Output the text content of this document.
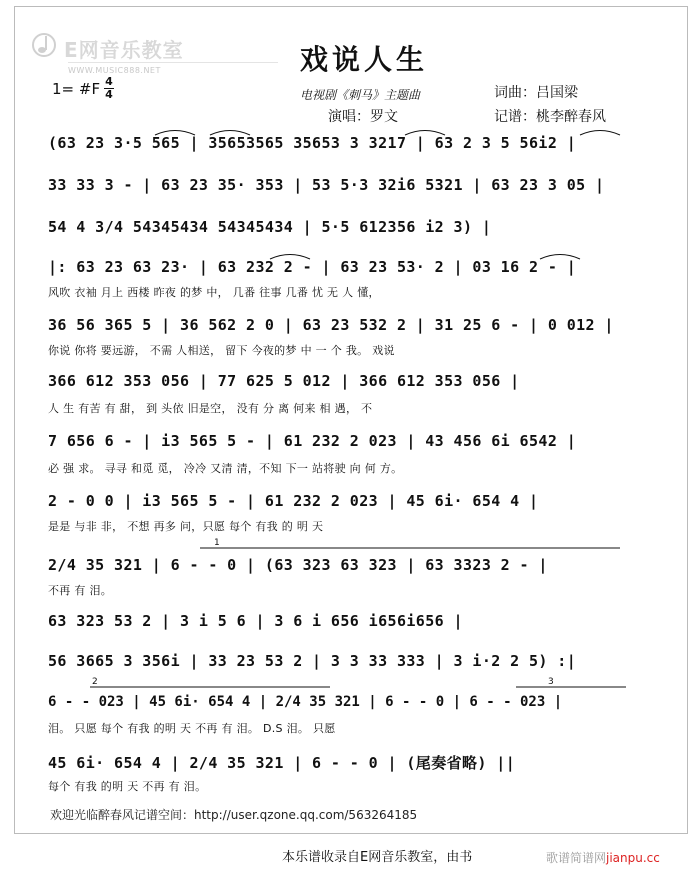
E网音乐教室
WWW.MUSIC888.NET	戏说人生
1= #F 4
4	电视剧《刺马》主题曲	词曲：吕国梁
演唱：罗文	记谱：桃李醉春风
(63 23 3·5 565 | 35653565 35653 3 3217 | 63 2 3 5 56i2 |
33 33 3 - | 63 23 35· 353 | 53 5·3 32i6 5321 | 63 23 3 05 |
54 4 3/4 54345434 54345434 | 5·5 612356 i2 3) |
|: 63 23 63 23· | 63 232 2 - | 63 23 53· 2 | 03 16 2 - |
风吹 衣袖 月上 西楼 昨夜 的梦 中， 几番 往事 几番 忧 无 人 懂，
36 56 365 5 | 36 562 2 0 | 63 23 532 2 | 31 25 6 - | 0 012 |
你说 你将 要远游， 不需 人相送， 留下 今夜的梦 中 一 个 我。 戏说
366 612 353 056 | 77 625 5 012 | 366 612 353 056 |
人 生 有苦 有 甜， 到 头依 旧是空， 没有 分 离 何来 相 遇， 不
7 656 6 - | i3 565 5 - | 61 232 2 023 | 43 456 6i 6542 |
必 强 求。 寻寻 和觅 觅， 冷冷 又清 清，不知 下一 站将驶 向 何 方。
2 - 0 0 | i3 565 5 - | 61 232 2 023 | 45 6i· 654 4 |
是是 与非 非， 不想 再多 问，只愿 每个 有我 的 明 天
2/4 35 321 | 6 - - 0 | (63 323 63 323 | 63 3323 2 - |
不再 有 泪。
63 323 53 2 | 3 i 5 6 | 3 6 i 656 i656i656 |
56 3665 3 356i | 33 23 53 2 | 3 3 33 333 | 3 i·2 2 5) :|
6 - - 023 | 45 6i· 654 4 | 2/4 35 321 | 6 - - 0 | 6 - - 023 |
泪。 只愿 每个 有我 的明 天 不再 有 泪。 D.S 泪。 只愿
45 6i· 654 4 | 2/4 35 321 | 6 - - 0 | (尾奏省略) ||
每个 有我 的明 天 不再 有 泪。
2	3
1
欢迎光临醉春风记谱空间：http://user.qzone.qq.com/563264185
本乐谱收录自E网音乐教室，由书	歌谱简谱网jianpu.cc
